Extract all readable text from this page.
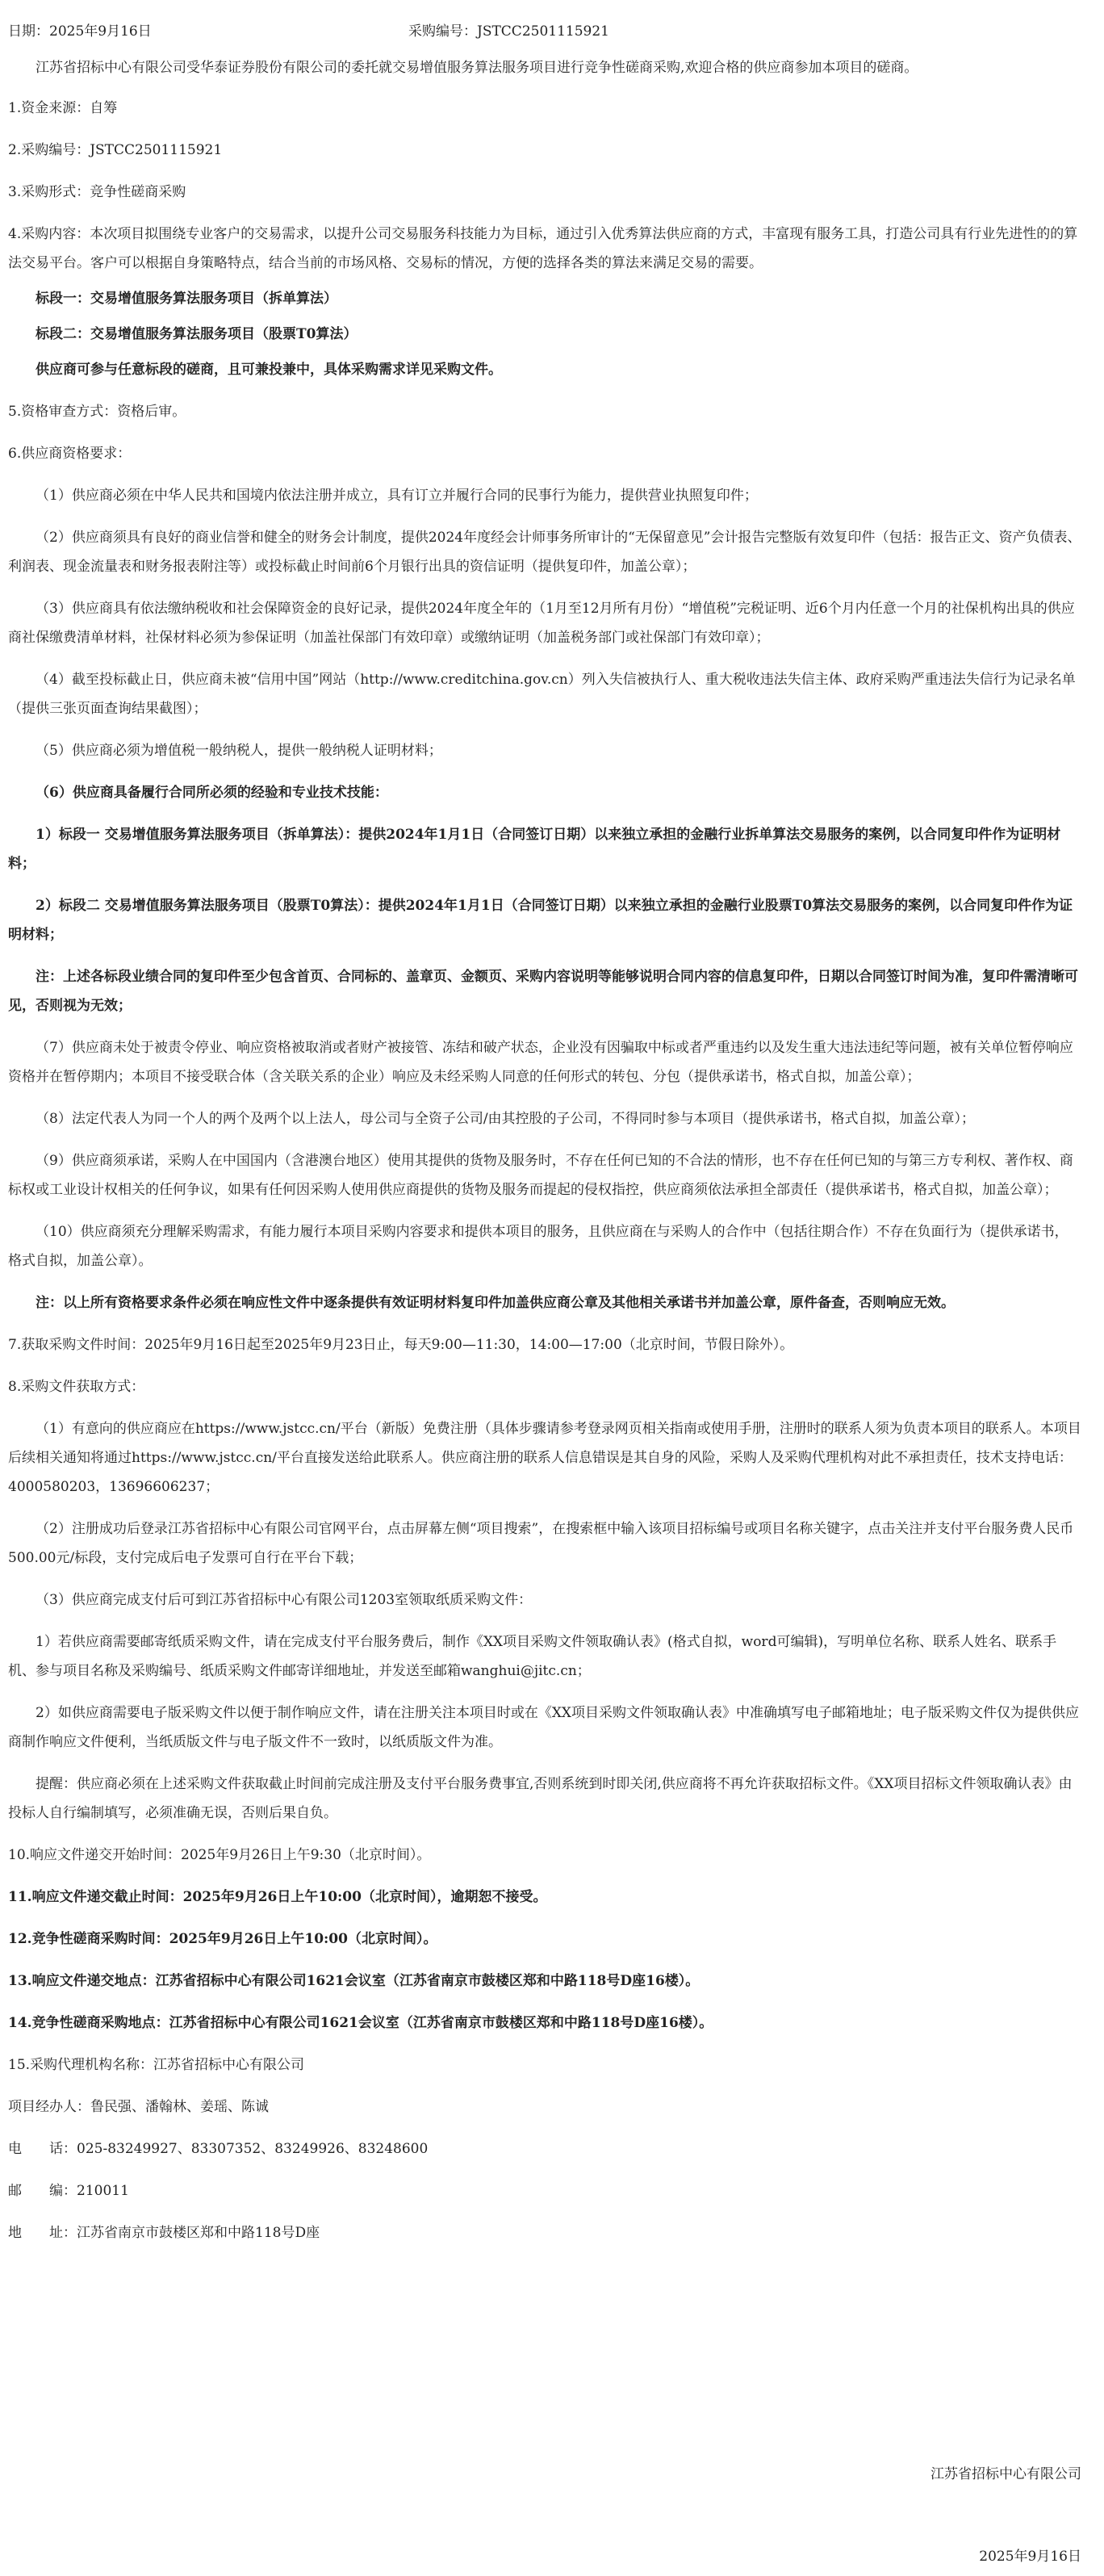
日期：2025年9月16日	采购编号：JSTCC2501115921

江苏省招标中心有限公司受华泰证券股份有限公司的委托就交易增值服务算法服务项目进行竞争性磋商采购,欢迎合格的供应商参加本项目的磋商。

1.资金来源：自筹

2.采购编号：JSTCC2501115921

3.采购形式：竞争性磋商采购

4.采购内容：本次项目拟围绕专业客户的交易需求，以提升公司交易服务科技能力为目标，通过引入优秀算法供应商的方式，丰富现有服务工具，打造公司具有行业先进性的的算法交易平台。客户可以根据自身策略特点，结合当前的市场风格、交易标的情况，方便的选择各类的算法来满足交易的需要。

标段一：交易增值服务算法服务项目（拆单算法）

标段二：交易增值服务算法服务项目（股票T0算法）

供应商可参与任意标段的磋商，且可兼投兼中，具体采购需求详见采购文件。

5.资格审查方式：资格后审。

6.供应商资格要求：

（1）供应商必须在中华人民共和国境内依法注册并成立，具有订立并履行合同的民事行为能力，提供营业执照复印件；

（2）供应商须具有良好的商业信誉和健全的财务会计制度，提供2024年度经会计师事务所审计的“无保留意见”会计报告完整版有效复印件（包括：报告正文、资产负债表、利润表、现金流量表和财务报表附注等）或投标截止时间前6个月银行出具的资信证明（提供复印件，加盖公章）；

（3）供应商具有依法缴纳税收和社会保障资金的良好记录，提供2024年度全年的（1月至12月所有月份）“增值税”完税证明、近6个月内任意一个月的社保机构出具的供应商社保缴费清单材料，社保材料必须为参保证明（加盖社保部门有效印章）或缴纳证明（加盖税务部门或社保部门有效印章）；

（4）截至投标截止日，供应商未被“信用中国”网站（http://www.creditchina.gov.cn）列入失信被执行人、重大税收违法失信主体、政府采购严重违法失信行为记录名单（提供三张页面查询结果截图）；

（5）供应商必须为增值税一般纳税人，提供一般纳税人证明材料；

（6）供应商具备履行合同所必须的经验和专业技术技能：

1）标段一 交易增值服务算法服务项目（拆单算法）：提供2024年1月1日（合同签订日期）以来独立承担的金融行业拆单算法交易服务的案例，以合同复印件作为证明材料；

2）标段二 交易增值服务算法服务项目（股票T0算法）：提供2024年1月1日（合同签订日期）以来独立承担的金融行业股票T0算法交易服务的案例，以合同复印件作为证明材料；

注：上述各标段业绩合同的复印件至少包含首页、合同标的、盖章页、金额页、采购内容说明等能够说明合同内容的信息复印件，日期以合同签订时间为准，复印件需清晰可见，否则视为无效；

（7）供应商未处于被责令停业、响应资格被取消或者财产被接管、冻结和破产状态，企业没有因骗取中标或者严重违约以及发生重大违法违纪等问题，被有关单位暂停响应资格并在暂停期内；本项目不接受联合体（含关联关系的企业）响应及未经采购人同意的任何形式的转包、分包（提供承诺书，格式自拟，加盖公章）；

（8）法定代表人为同一个人的两个及两个以上法人，母公司与全资子公司/由其控股的子公司，不得同时参与本项目（提供承诺书，格式自拟，加盖公章）；

（9）供应商须承诺，采购人在中国国内（含港澳台地区）使用其提供的货物及服务时，不存在任何已知的不合法的情形，也不存在任何已知的与第三方专利权、著作权、商标权或工业设计权相关的任何争议，如果有任何因采购人使用供应商提供的货物及服务而提起的侵权指控，供应商须依法承担全部责任（提供承诺书，格式自拟，加盖公章）；

（10）供应商须充分理解采购需求，有能力履行本项目采购内容要求和提供本项目的服务，且供应商在与采购人的合作中（包括往期合作）不存在负面行为（提供承诺书，格式自拟，加盖公章）。

注：以上所有资格要求条件必须在响应性文件中逐条提供有效证明材料复印件加盖供应商公章及其他相关承诺书并加盖公章，原件备查，否则响应无效。

7.获取采购文件时间：2025年9月16日起至2025年9月23日止，每天9:00—11:30，14:00—17:00（北京时间，节假日除外）。

8.采购文件获取方式：

（1）有意向的供应商应在https://www.jstcc.cn/平台（新版）免费注册（具体步骤请参考登录网页相关指南或使用手册，注册时的联系人须为负责本项目的联系人。本项目后续相关通知将通过https://www.jstcc.cn/平台直接发送给此联系人。供应商注册的联系人信息错误是其自身的风险，采购人及采购代理机构对此不承担责任，技术支持电话：4000580203，13696606237；

（2）注册成功后登录江苏省招标中心有限公司官网平台，点击屏幕左侧“项目搜索”，在搜索框中输入该项目招标编号或项目名称关键字，点击关注并支付平台服务费人民币500.00元/标段，支付完成后电子发票可自行在平台下载；

（3）供应商完成支付后可到江苏省招标中心有限公司1203室领取纸质采购文件：

1）若供应商需要邮寄纸质采购文件，请在完成支付平台服务费后，制作《XX项目采购文件领取确认表》(格式自拟，word可编辑)，写明单位名称、联系人姓名、联系手机、参与项目名称及采购编号、纸质采购文件邮寄详细地址，并发送至邮箱wanghui@jitc.cn；

2）如供应商需要电子版采购文件以便于制作响应文件，请在注册关注本项目时或在《XX项目采购文件领取确认表》中准确填写电子邮箱地址；电子版采购文件仅为提供供应商制作响应文件便利，当纸质版文件与电子版文件不一致时，以纸质版文件为准。

提醒：供应商必须在上述采购文件获取截止时间前完成注册及支付平台服务费事宜,否则系统到时即关闭,供应商将不再允许获取招标文件。《XX项目招标文件领取确认表》由投标人自行编制填写，必须准确无误，否则后果自负。

10.响应文件递交开始时间：2025年9月26日上午9:30（北京时间）。

11.响应文件递交截止时间：2025年9月26日上午10:00（北京时间），逾期恕不接受。

12.竞争性磋商采购时间：2025年9月26日上午10:00（北京时间）。

13.响应文件递交地点：江苏省招标中心有限公司1621会议室（江苏省南京市鼓楼区郑和中路118号D座16楼）。

14.竞争性磋商采购地点：江苏省招标中心有限公司1621会议室（江苏省南京市鼓楼区郑和中路118号D座16楼）。

15.采购代理机构名称：江苏省招标中心有限公司

项目经办人：鲁民强、潘翰林、姜瑶、陈诚

电　　话：025-83249927、83307352、83249926、83248600

邮　　编：210011

地　　址：江苏省南京市鼓楼区郑和中路118号D座

江苏省招标中心有限公司
2025年9月16日
